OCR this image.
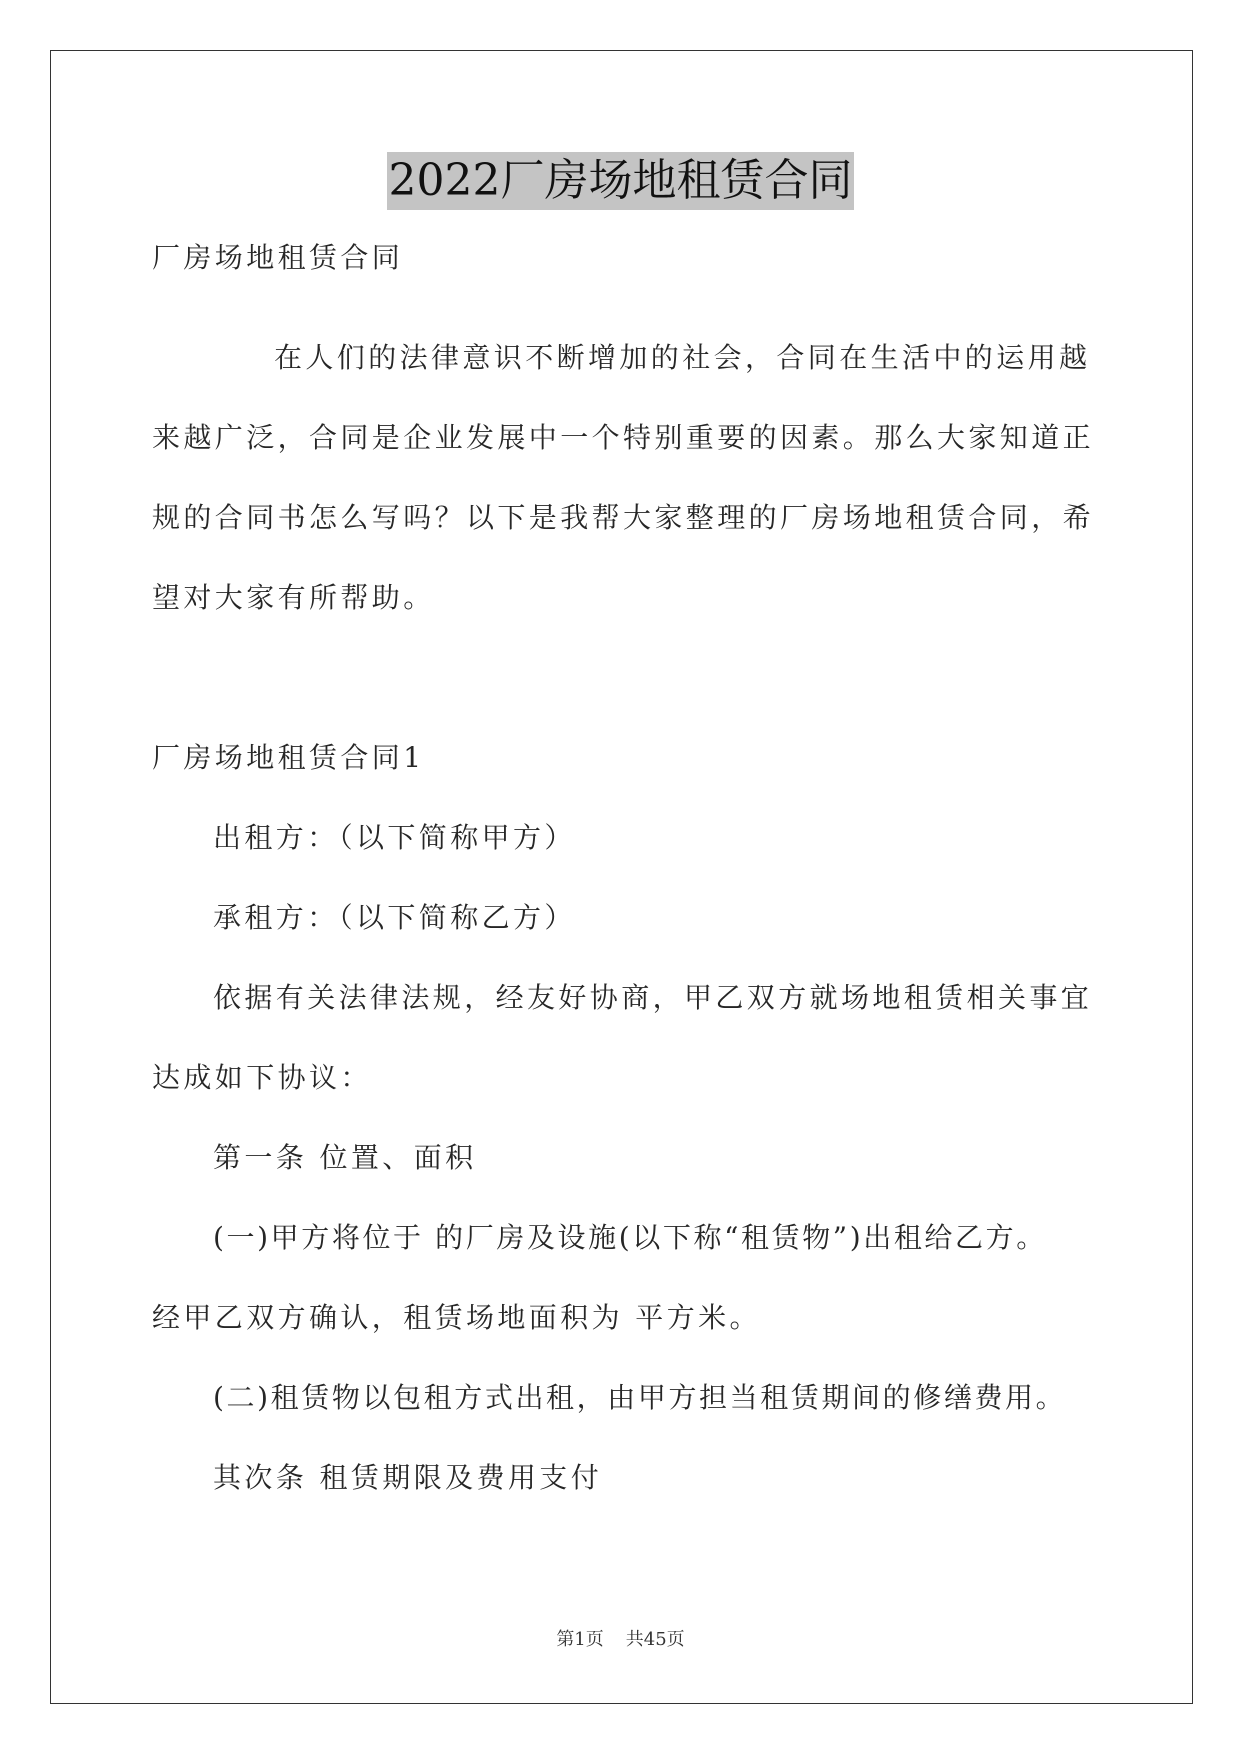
2022厂房场地租赁合同
厂房场地租赁合同
在人们的法律意识不断增加的社会，合同在生活中的运用越
来越广泛，合同是企业发展中一个特别重要的因素。那么大家知道正
规的合同书怎么写吗？以下是我帮大家整理的厂房场地租赁合同，希
望对大家有所帮助。
厂房场地租赁合同1
出租方：（以下简称甲方）
承租方：（以下简称乙方）
依据有关法律法规，经友好协商，甲乙双方就场地租赁相关事宜
达成如下协议：
第一条 位置、面积
(一)甲方将位于 的厂房及设施(以下称“租赁物”)出租给乙方。
经甲乙双方确认，租赁场地面积为 平方米。
(二)租赁物以包租方式出租，由甲方担当租赁期间的修缮费用。
其次条 租赁期限及费用支付
第1页 共45页
